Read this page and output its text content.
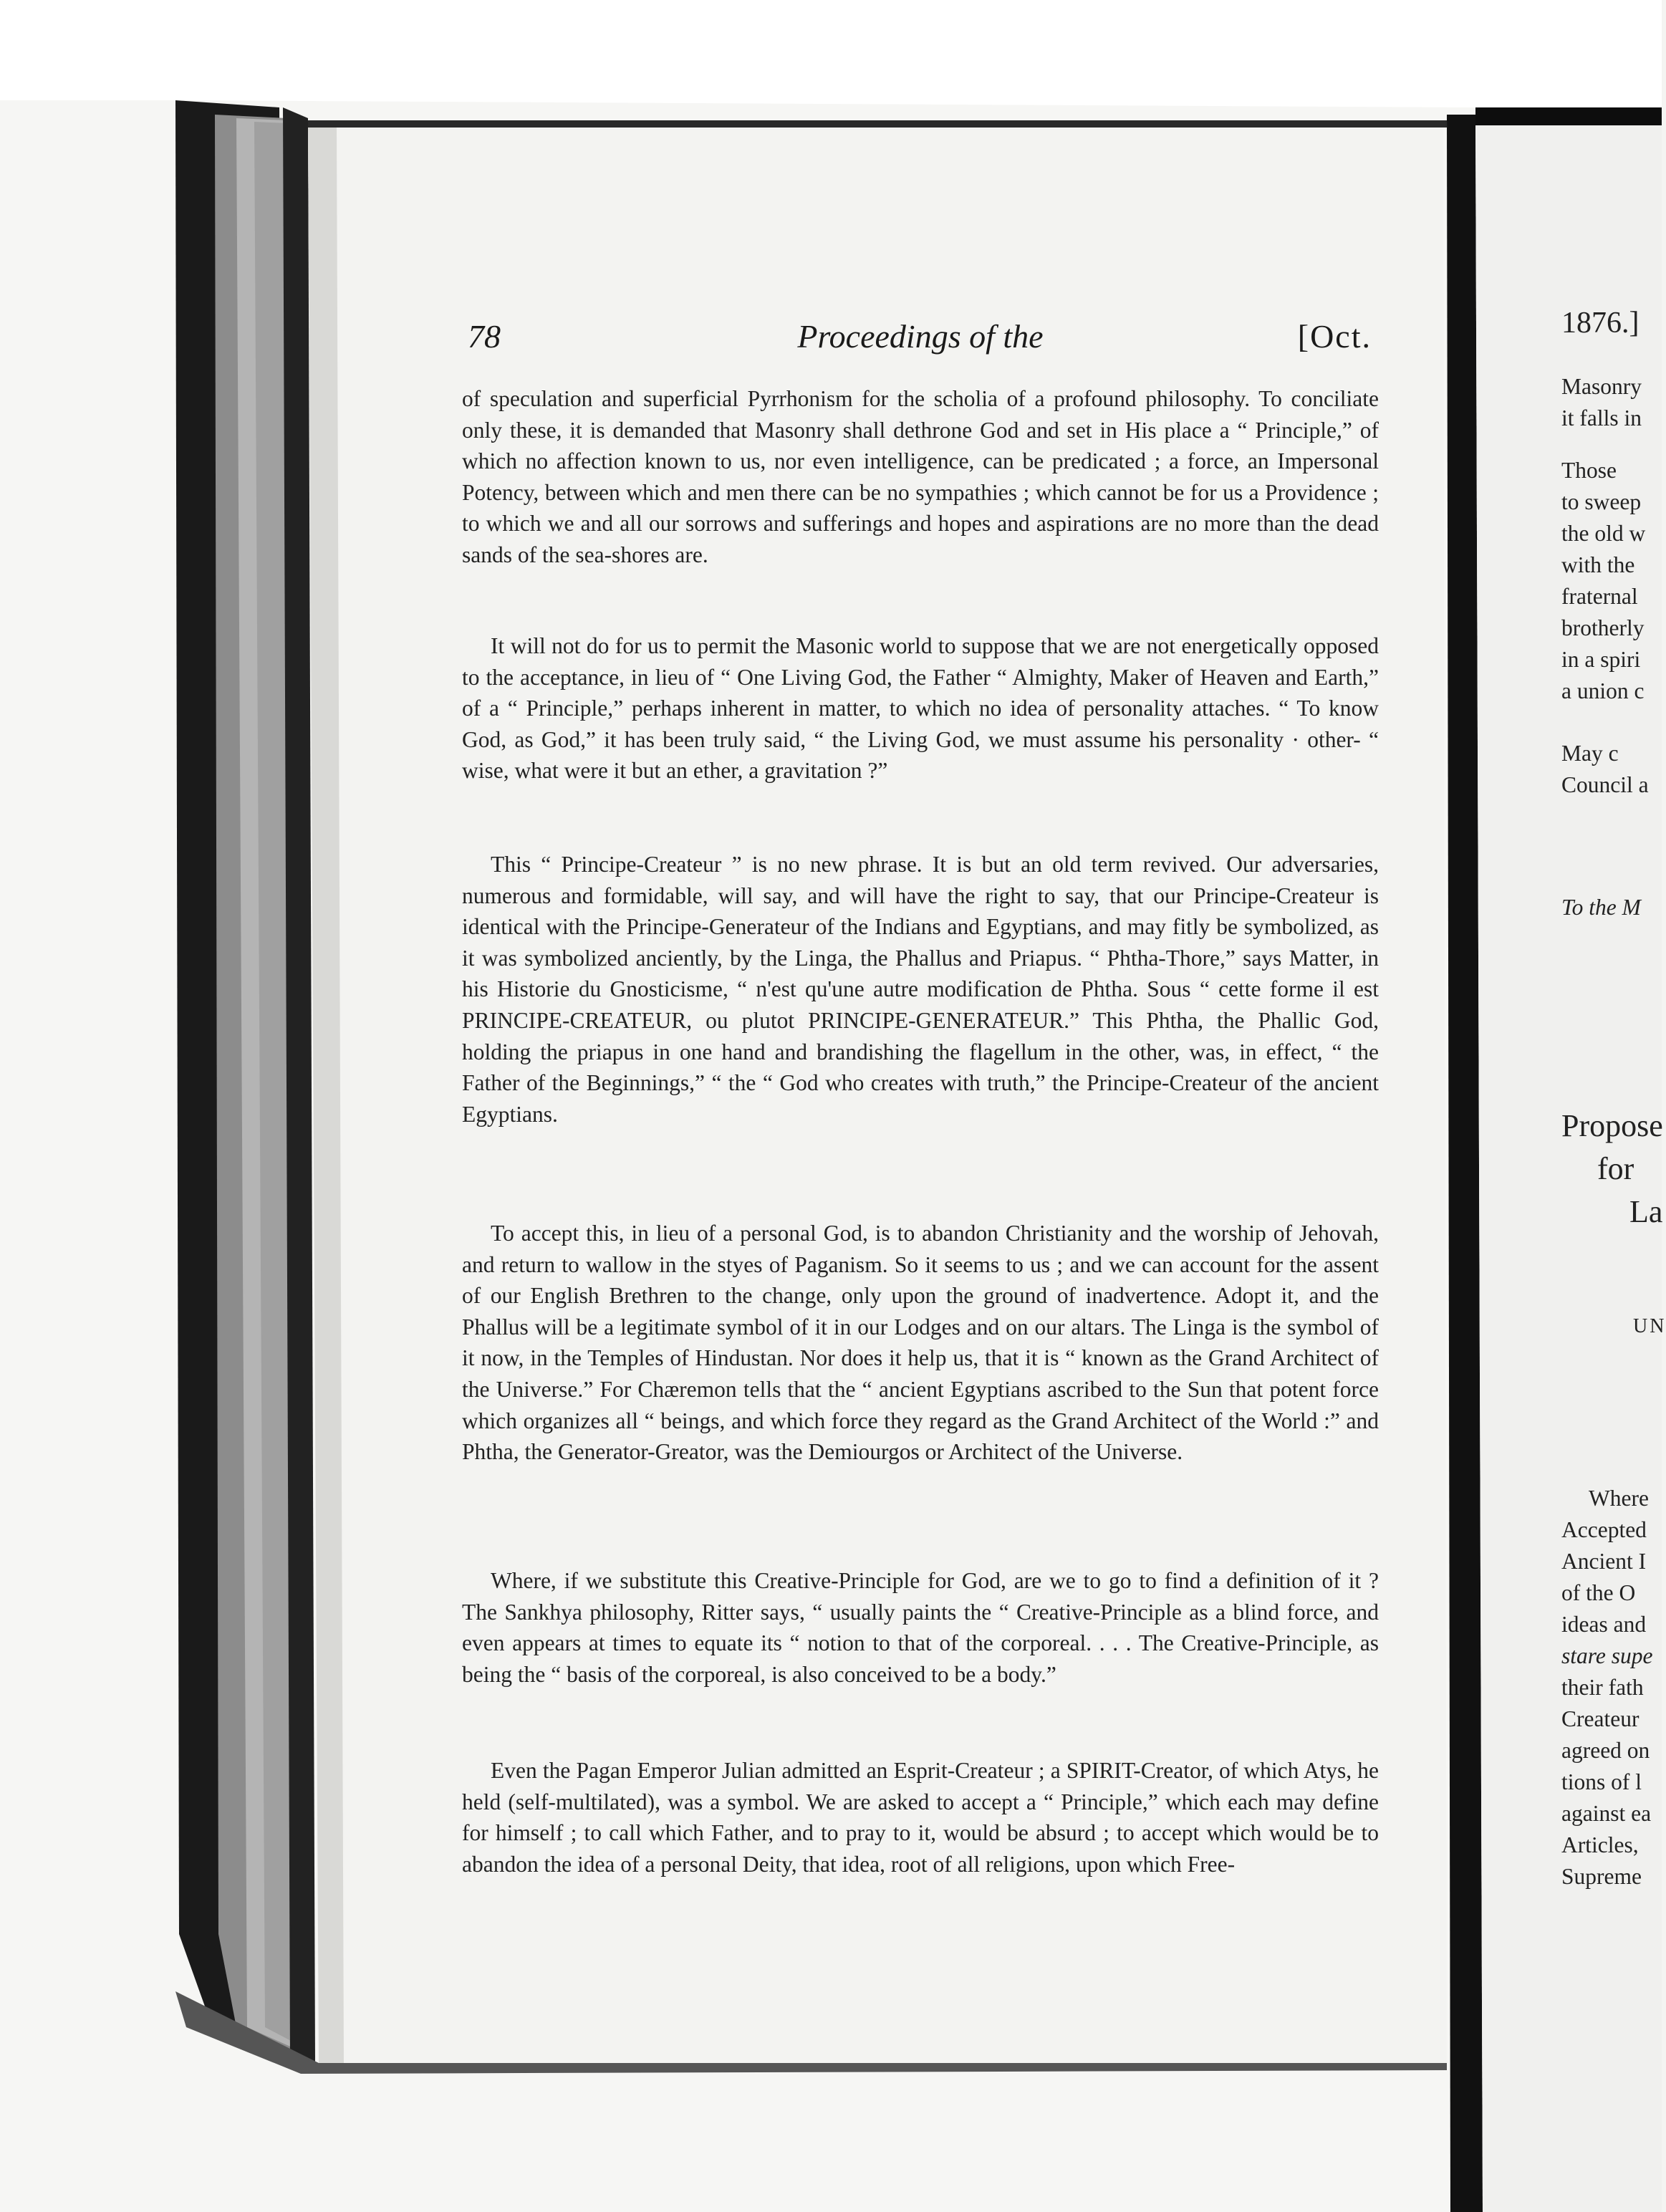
78	Proceedings of the	[Oct.

of speculation and superficial Pyrrhonism for the scholia of a profound philosophy. To conciliate only these, it is demanded that Masonry shall dethrone God and set in His place a “ Principle,” of which no affection known to us, nor even intelligence, can be predicated ; a force, an Impersonal Potency, between which and men there can be no sympathies ; which cannot be for us a Providence ; to which we and all our sorrows and sufferings and hopes and aspirations are no more than the dead sands of the sea-shores are.

It will not do for us to permit the Masonic world to suppose that we are not energetically opposed to the acceptance, in lieu of “ One Living God, the Father “ Almighty, Maker of Heaven and Earth,” of a “ Principle,” perhaps inherent in matter, to which no idea of personality attaches. “ To know God, as God,” it has been truly said, “ the Living God, we must assume his personality · other- “ wise, what were it but an ether, a gravitation ?”

This “ Principe-Createur ” is no new phrase. It is but an old term revived. Our adversaries, numerous and formidable, will say, and will have the right to say, that our Principe-Createur is identical with the Principe-Generateur of the Indians and Egyptians, and may fitly be symbolized, as it was symbolized anciently, by the Linga, the Phallus and Priapus. “ Phtha-Thore,” says Matter, in his Historie du Gnosticisme, “ n'est qu'une autre modification de Phtha. Sous “ cette forme il est PRINCIPE-CREATEUR, ou plutot PRINCIPE-GENERATEUR.” This Phtha, the Phallic God, holding the priapus in one hand and brandishing the flagellum in the other, was, in effect, “ the Father of the Beginnings,” “ the “ God who creates with truth,” the Principe-Createur of the ancient Egyptians.

To accept this, in lieu of a personal God, is to abandon Christianity and the worship of Jehovah, and return to wallow in the styes of Paganism. So it seems to us ; and we can account for the assent of our English Brethren to the change, only upon the ground of inadvertence. Adopt it, and the Phallus will be a legitimate symbol of it in our Lodges and on our altars. The Linga is the symbol of it now, in the Temples of Hindustan. Nor does it help us, that it is “ known as the Grand Architect of the Universe.” For Chæremon tells that the “ ancient Egyptians ascribed to the Sun that potent force which organizes all “ beings, and which force they regard as the Grand Architect of the World :” and Phtha, the Generator-Greator, was the Demiourgos or Architect of the Universe.

Where, if we substitute this Creative-Principle for God, are we to go to find a definition of it ? The Sankhya philosophy, Ritter says, “ usually paints the “ Creative-Principle as a blind force, and even appears at times to equate its “ notion to that of the corporeal. . . . The Creative-Principle, as being the “ basis of the corporeal, is also conceived to be a body.”

Even the Pagan Emperor Julian admitted an Esprit-Createur ; a SPIRIT-Creator, of which Atys, he held (self-multilated), was a symbol. We are asked to accept a “ Principle,” which each may define for himself ; to call which Father, and to pray to it, would be absurd ; to accept which would be to abandon the idea of a personal Deity, that idea, root of all religions, upon which Free-

1876.]
Masonry
it falls in
Those
to sweep
the old w
with the
fraternal
brotherly
in a spiri
a union c
May c
Council a
To the M
Propose
for
La
UN
Where
Accepted
Ancient I
of the O
ideas and
stare supe
their fath
Createur
agreed on
tions of l
against ea
Articles,
Supreme
